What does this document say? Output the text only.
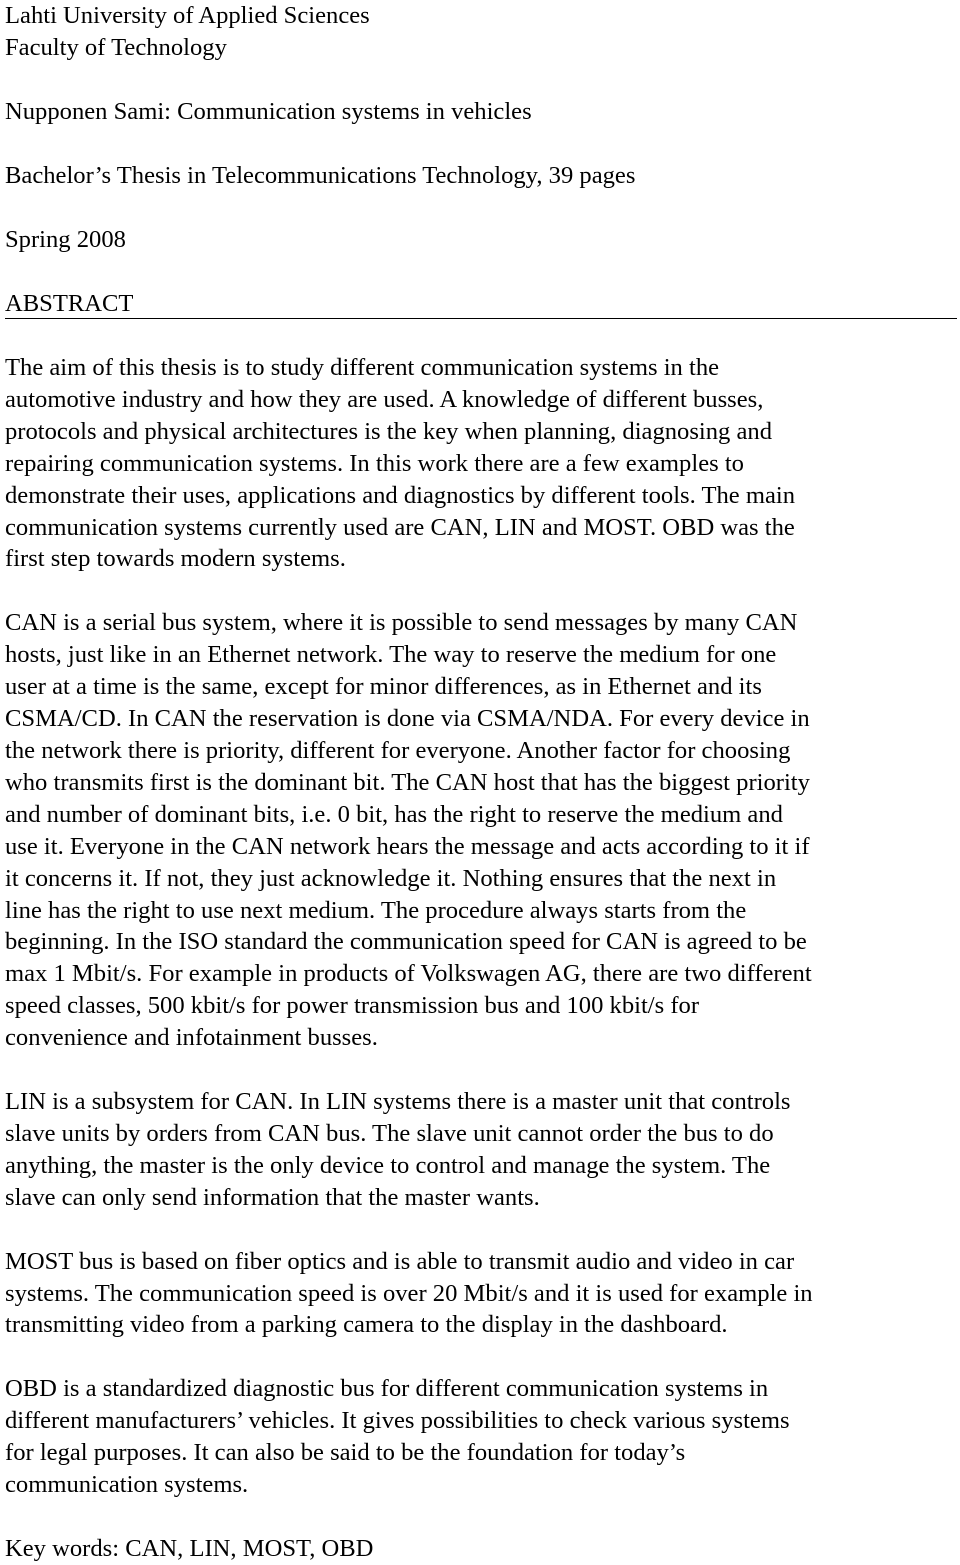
Lahti University of Applied Sciences

Faculty of Technology

Nupponen Sami: Communication systems in vehicles

Bachelor’s Thesis in Telecommunications Technology, 39 pages

Spring 2008

ABSTRACT

The aim of this thesis is to study different communication systems in the
automotive industry and how they are used. A knowledge of different busses,
protocols and physical architectures is the key when planning, diagnosing and
repairing communication systems. In this work there are a few examples to
demonstrate their uses, applications and diagnostics by different tools. The main
communication systems currently used are CAN, LIN and MOST. OBD was the
first step towards modern systems.

CAN is a serial bus system, where it is possible to send messages by many CAN
hosts, just like in an Ethernet network. The way to reserve the medium for one
user at a time is the same, except for minor differences, as in Ethernet and its
CSMA/CD. In CAN the reservation is done via CSMA/NDA. For every device in
the network there is priority, different for everyone. Another factor for choosing
who transmits first is the dominant bit. The CAN host that has the biggest priority
and number of dominant bits, i.e. 0 bit, has the right to reserve the medium and
use it. Everyone in the CAN network hears the message and acts according to it if
it concerns it. If not, they just acknowledge it. Nothing ensures that the next in
line has the right to use next medium. The procedure always starts from the
beginning. In the ISO standard the communication speed for CAN is agreed to be
max 1 Mbit/s. For example in products of Volkswagen AG, there are two different
speed classes, 500 kbit/s for power transmission bus and 100 kbit/s for
convenience and infotainment busses.

LIN is a subsystem for CAN. In LIN systems there is a master unit that controls
slave units by orders from CAN bus. The slave unit cannot order the bus to do
anything, the master is the only device to control and manage the system. The
slave can only send information that the master wants.

MOST bus is based on fiber optics and is able to transmit audio and video in car
systems. The communication speed is over 20 Mbit/s and it is used for example in
transmitting video from a parking camera to the display in the dashboard.

OBD is a standardized diagnostic bus for different communication systems in
different manufacturers’ vehicles. It gives possibilities to check various systems
for legal purposes. It can also be said to be the foundation for today’s
communication systems.

Key words: CAN, LIN, MOST, OBD
